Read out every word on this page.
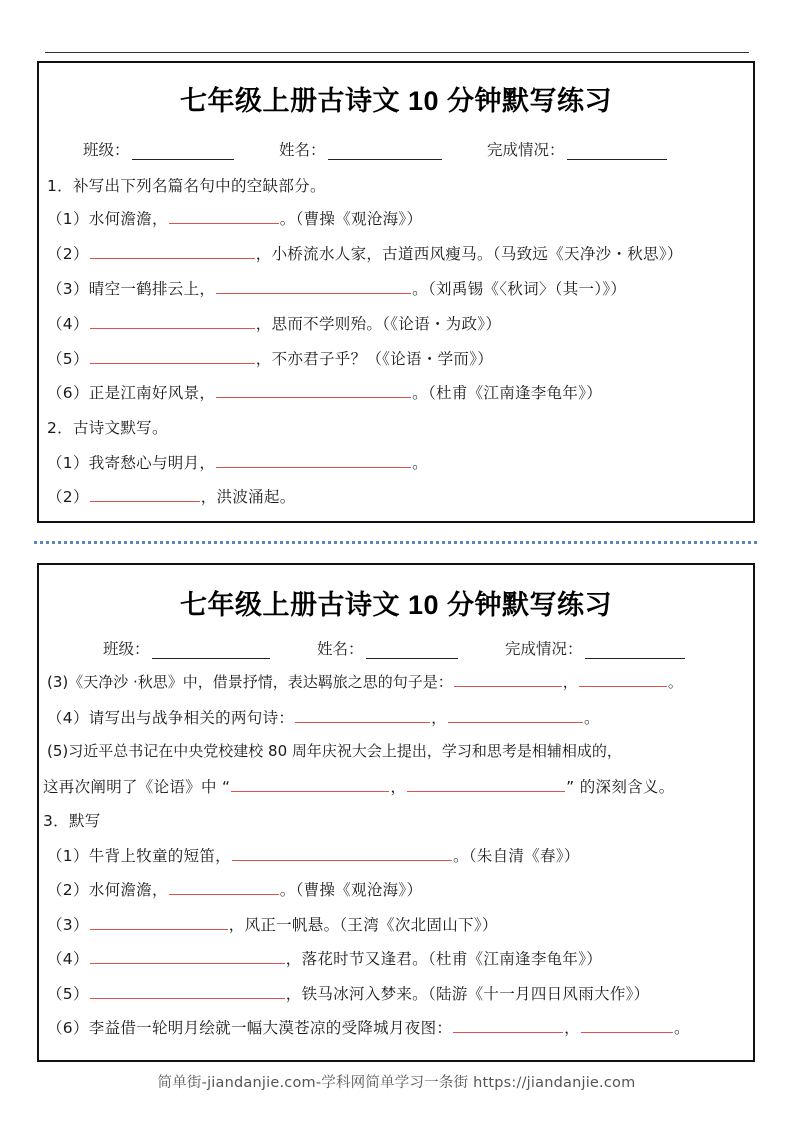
七年级上册古诗文 10 分钟默写练习
班级：	姓名：	完成情况：
1．补写出下列名篇名句中的空缺部分。
（1）水何澹澹，	。（曹操《观沧海》）
（2）	，小桥流水人家，古道西风瘦马。（马致远《天净沙・秋思》）
（3）晴空一鹤排云上，	。（刘禹锡《〈秋词〉（其一）》）
（4）	，思而不学则殆。（《论语・为政》）
（5）	，不亦君子乎？（《论语・学而》）
（6）正是江南好风景，	。（杜甫《江南逢李龟年》）
2．古诗文默写。
（1）我寄愁心与明月，	。
（2）	，洪波涌起。
七年级上册古诗文 10 分钟默写练习
班级：	姓名：	完成情况：
(3)《天净沙 ·秋思》中，借景抒情，表达羁旅之思的句子是：	，	。
（4）请写出与战争相关的两句诗：	，	。
(5)习近平总书记在中央党校建校 80 周年庆祝大会上提出，学习和思考是相辅相成的，
这再次阐明了《论语》中 “	，	” 的深刻含义。
3．默写
（1）牛背上牧童的短笛，	。（朱自清《春》）
（2）水何澹澹，	。（曹操《观沧海》）
（3）	，风正一帆悬。（王湾《次北固山下》）
（4）	，落花时节又逢君。（杜甫《江南逢李龟年》）
（5）	，铁马冰河入梦来。（陆游《十一月四日风雨大作》）
（6）李益借一轮明月绘就一幅大漠苍凉的受降城月夜图：	，	。
简单街-jiandanjie.com-学科网简单学习一条街 https://jiandanjie.com
